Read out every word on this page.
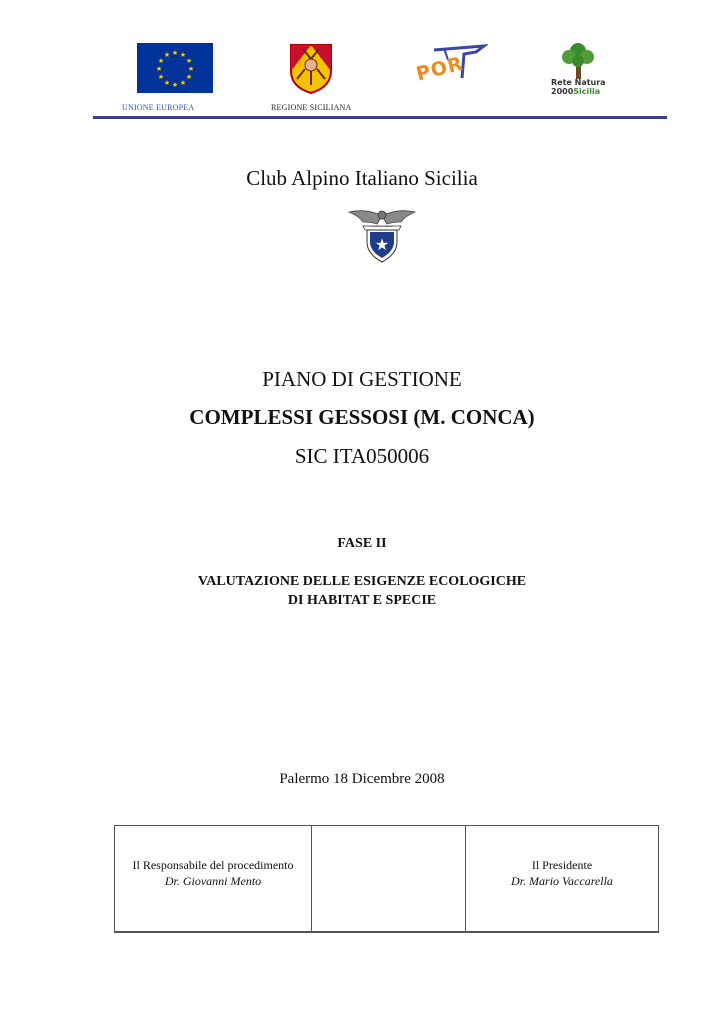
★ ★
★
★
★
★
★
★
★
★
★
★
UNIONE EUROPEA	REGIONE SICILIANA
POR	Rete Natura
2000Sicilia
Club Alpino Italiano Sicilia
★
CLUB ALPINO ITALIANO
PIANO DI GESTIONE
COMPLESSI GESSOSI (M. CONCA)
SIC ITA050006
FASE II
VALUTAZIONE DELLE ESIGENZE ECOLOGICHE
DI HABITAT E SPECIE
Palermo 18 Dicembre 2008
Il Responsabile del procedimento
Dr. Giovanni Mento
Il Presidente
Dr. Mario Vaccarella
